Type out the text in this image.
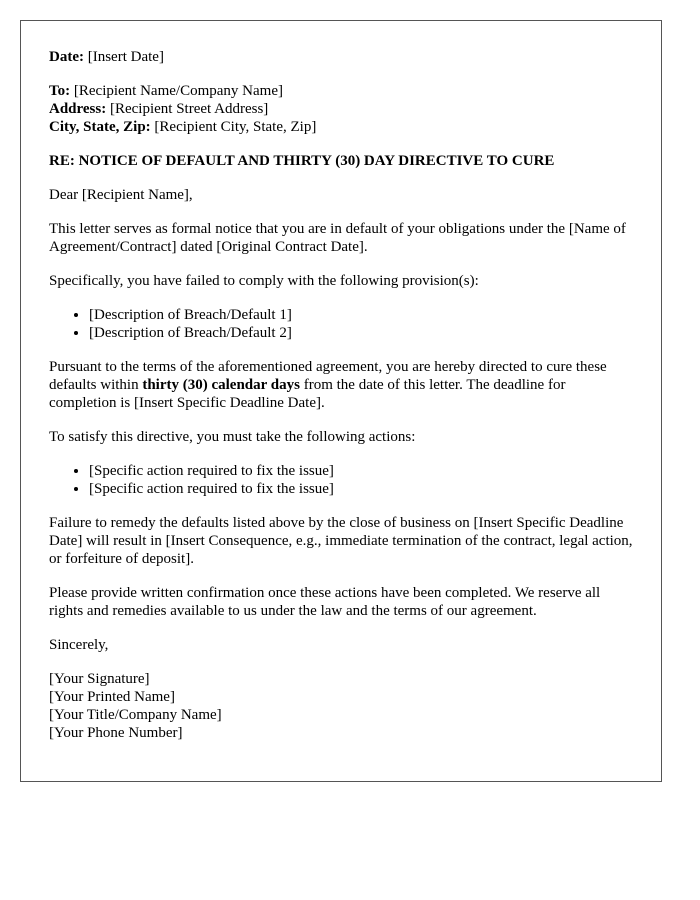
Date: [Insert Date]

To: [Recipient Name/Company Name]

Address: [Recipient Street Address]

City, State, Zip: [Recipient City, State, Zip]

RE: NOTICE OF DEFAULT AND THIRTY (30) DAY DIRECTIVE TO CURE

Dear [Recipient Name],

This letter serves as formal notice that you are in default of your obligations under the [Name of Agreement/Contract] dated [Original Contract Date].

Specifically, you have failed to comply with the following provision(s):

• [Description of Breach/Default 1]
• [Description of Breach/Default 2]

Pursuant to the terms of the aforementioned agreement, you are hereby directed to cure these defaults within thirty (30) calendar days from the date of this letter. The deadline for completion is [Insert Specific Deadline Date].

To satisfy this directive, you must take the following actions:

• [Specific action required to fix the issue]
• [Specific action required to fix the issue]

Failure to remedy the defaults listed above by the close of business on [Insert Specific Deadline Date] will result in [Insert Consequence, e.g., immediate termination of the contract, legal action, or forfeiture of deposit].

Please provide written confirmation once these actions have been completed. We reserve all rights and remedies available to us under the law and the terms of our agreement.

Sincerely,

[Your Signature]
[Your Printed Name]
[Your Title/Company Name]
[Your Phone Number]
